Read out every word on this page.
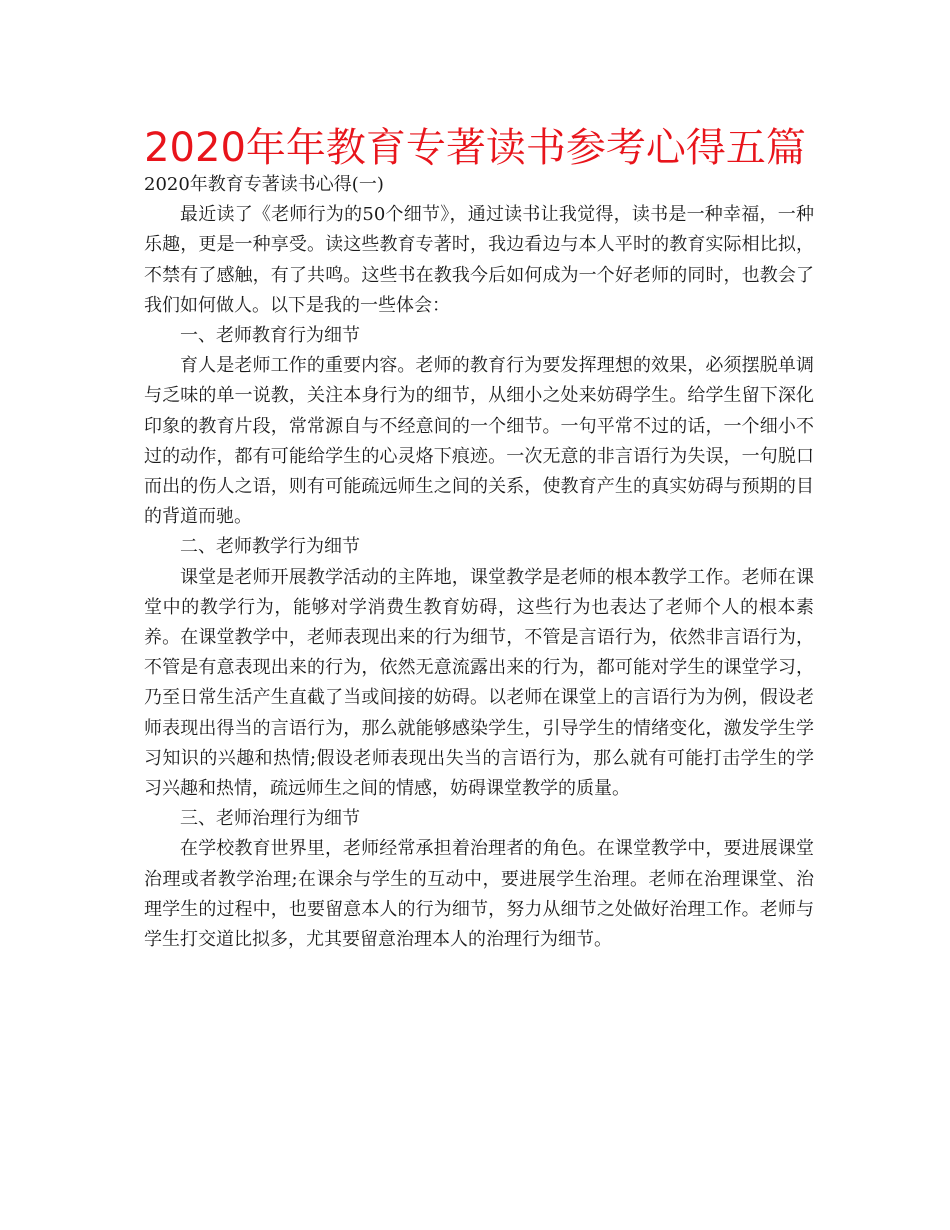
2020年年教育专著读书参考心得五篇

2020年教育专著读书心得(一)

最近读了《老师行为的50个细节》，通过读书让我觉得，读书是一种幸福，一种乐趣，更是一种享受。读这些教育专著时，我边看边与本人平时的教育实际相比拟，不禁有了感触，有了共鸣。这些书在教我今后如何成为一个好老师的同时，也教会了我们如何做人。以下是我的一些体会：

一、老师教育行为细节

育人是老师工作的重要内容。老师的教育行为要发挥理想的效果，必须摆脱单调与乏味的单一说教，关注本身行为的细节，从细小之处来妨碍学生。给学生留下深化印象的教育片段，常常源自与不经意间的一个细节。一句平常不过的话，一个细小不过的动作，都有可能给学生的心灵烙下痕迹。一次无意的非言语行为失误，一句脱口而出的伤人之语，则有可能疏远师生之间的关系，使教育产生的真实妨碍与预期的目的背道而驰。

二、老师教学行为细节

课堂是老师开展教学活动的主阵地，课堂教学是老师的根本教学工作。老师在课堂中的教学行为，能够对学消费生教育妨碍，这些行为也表达了老师个人的根本素养。在课堂教学中，老师表现出来的行为细节，不管是言语行为，依然非言语行为，不管是有意表现出来的行为，依然无意流露出来的行为，都可能对学生的课堂学习，乃至日常生活产生直截了当或间接的妨碍。以老师在课堂上的言语行为为例，假设老师表现出得当的言语行为，那么就能够感染学生，引导学生的情绪变化，激发学生学习知识的兴趣和热情;假设老师表现出失当的言语行为，那么就有可能打击学生的学习兴趣和热情，疏远师生之间的情感，妨碍课堂教学的质量。

三、老师治理行为细节

在学校教育世界里，老师经常承担着治理者的角色。在课堂教学中，要进展课堂治理或者教学治理;在课余与学生的互动中，要进展学生治理。老师在治理课堂、治理学生的过程中，也要留意本人的行为细节，努力从细节之处做好治理工作。老师与学生打交道比拟多，尤其要留意治理本人的治理行为细节。
